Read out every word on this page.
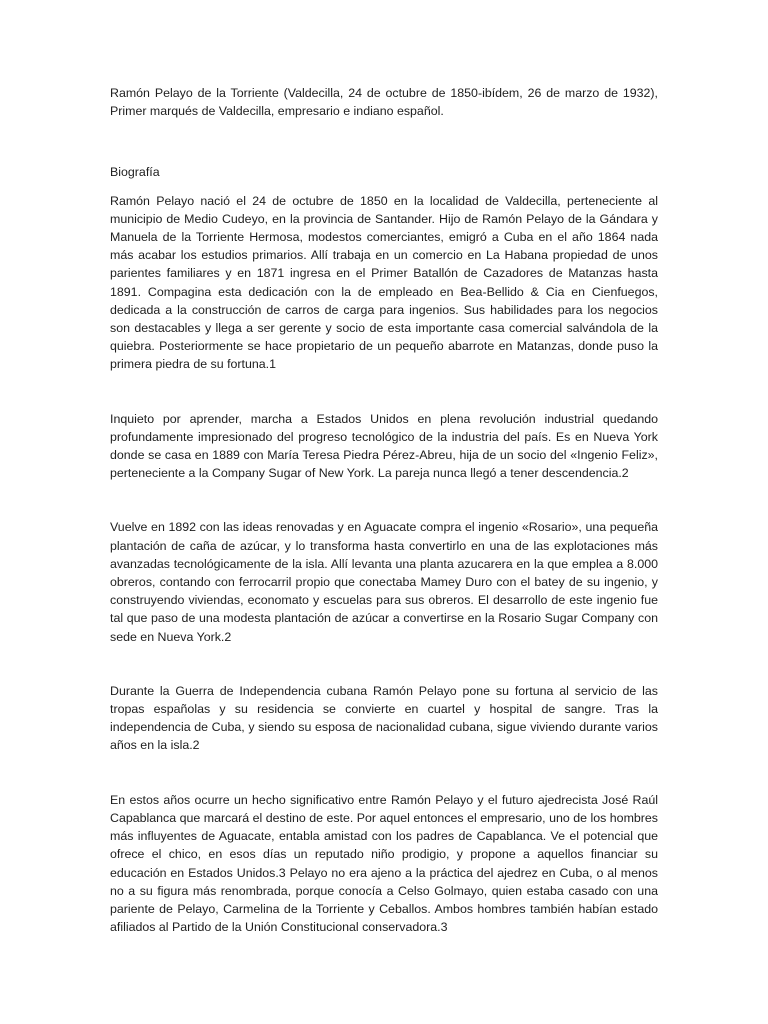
Ramón Pelayo de la Torriente (Valdecilla, 24 de octubre de 1850-ibídem, 26 de marzo de 1932), Primer marqués de Valdecilla, empresario e indiano español.

Biografía

Ramón Pelayo nació el 24 de octubre de 1850 en la localidad de Valdecilla, perteneciente al municipio de Medio Cudeyo, en la provincia de Santander. Hijo de Ramón Pelayo de la Gándara y Manuela de la Torriente Hermosa, modestos comerciantes, emigró a Cuba en el año 1864 nada más acabar los estudios primarios. Allí trabaja en un comercio en La Habana propiedad de unos parientes familiares y en 1871 ingresa en el Primer Batallón de Cazadores de Matanzas hasta 1891. Compagina esta dedicación con la de empleado en Bea-Bellido & Cia en Cienfuegos, dedicada a la construcción de carros de carga para ingenios. Sus habilidades para los negocios son destacables y llega a ser gerente y socio de esta importante casa comercial salvándola de la quiebra. Posteriormente se hace propietario de un pequeño abarrote en Matanzas, donde puso la primera piedra de su fortuna.1

Inquieto por aprender, marcha a Estados Unidos en plena revolución industrial quedando profundamente impresionado del progreso tecnológico de la industria del país. Es en Nueva York donde se casa en 1889 con María Teresa Piedra Pérez-Abreu, hija de un socio del «Ingenio Feliz», perteneciente a la Company Sugar of New York. La pareja nunca llegó a tener descendencia.2

Vuelve en 1892 con las ideas renovadas y en Aguacate compra el ingenio «Rosario», una pequeña plantación de caña de azúcar, y lo transforma hasta convertirlo en una de las explotaciones más avanzadas tecnológicamente de la isla. Allí levanta una planta azucarera en la que emplea a 8.000 obreros, contando con ferrocarril propio que conectaba Mamey Duro con el batey de su ingenio, y construyendo viviendas, economato y escuelas para sus obreros. El desarrollo de este ingenio fue tal que paso de una modesta plantación de azúcar a convertirse en la Rosario Sugar Company con sede en Nueva York.2

Durante la Guerra de Independencia cubana Ramón Pelayo pone su fortuna al servicio de las tropas españolas y su residencia se convierte en cuartel y hospital de sangre. Tras la independencia de Cuba, y siendo su esposa de nacionalidad cubana, sigue viviendo durante varios años en la isla.2

En estos años ocurre un hecho significativo entre Ramón Pelayo y el futuro ajedrecista José Raúl Capablanca que marcará el destino de este. Por aquel entonces el empresario, uno de los hombres más influyentes de Aguacate, entabla amistad con los padres de Capablanca. Ve el potencial que ofrece el chico, en esos días un reputado niño prodigio, y propone a aquellos financiar su educación en Estados Unidos.3 Pelayo no era ajeno a la práctica del ajedrez en Cuba, o al menos no a su figura más renombrada, porque conocía a Celso Golmayo, quien estaba casado con una pariente de Pelayo, Carmelina de la Torriente y Ceballos. Ambos hombres también habían estado afiliados al Partido de la Unión Constitucional conservadora.3
